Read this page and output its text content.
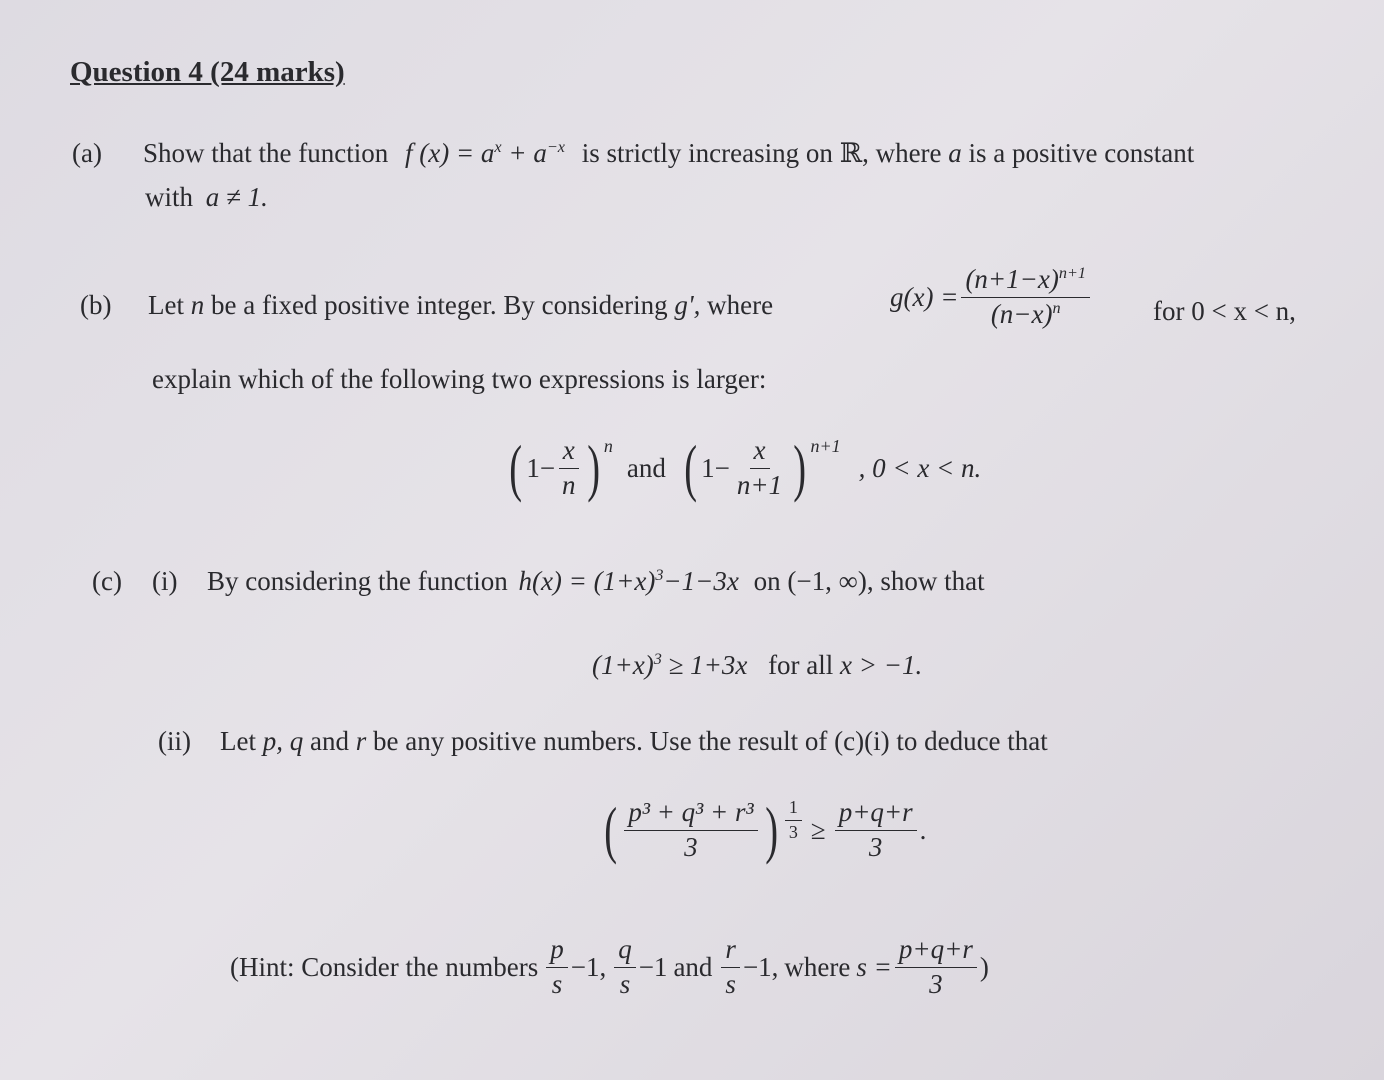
Question 4 (24 marks)
(a) Show that the function f $(x) = a^x + a^{-x}$ is strictly increasing on ℝ, where a is a positive constant
with a ≠ 1.
(b) Let n be a fixed positive integer. By considering g', where	$g(x) = \frac{(n+1-x)^{n+1}}{(n-x)^n}$ for 0 < x < n,
explain which of the following two expressions is larger:
( $1- \frac{x}{n}$ ) n
and ( $1- \frac{x}{n+1}$ ) n+1
, 0 < x < n.
(c) (i) By considering the function $h(x) = (1+x)^3-1-3x$ on (−1, ∞), show that
$(1+x)^3 \ge 1+3x$ for all x > −1.
(ii) Let p, q and r be any positive numbers. Use the result of (c)(i) to deduce that
( $\frac{\text{p³ + q³ + r³}}{3}$ ) $\frac{1}{3} \ge \frac{p+q+r}{3}$ .
(Hint: Consider the numbers $\frac{p}{s} -1$, $\frac{q}{s} -1$ and $\frac{r}{s} -1$, where $s = \frac{p+q+r}{3}$ )
